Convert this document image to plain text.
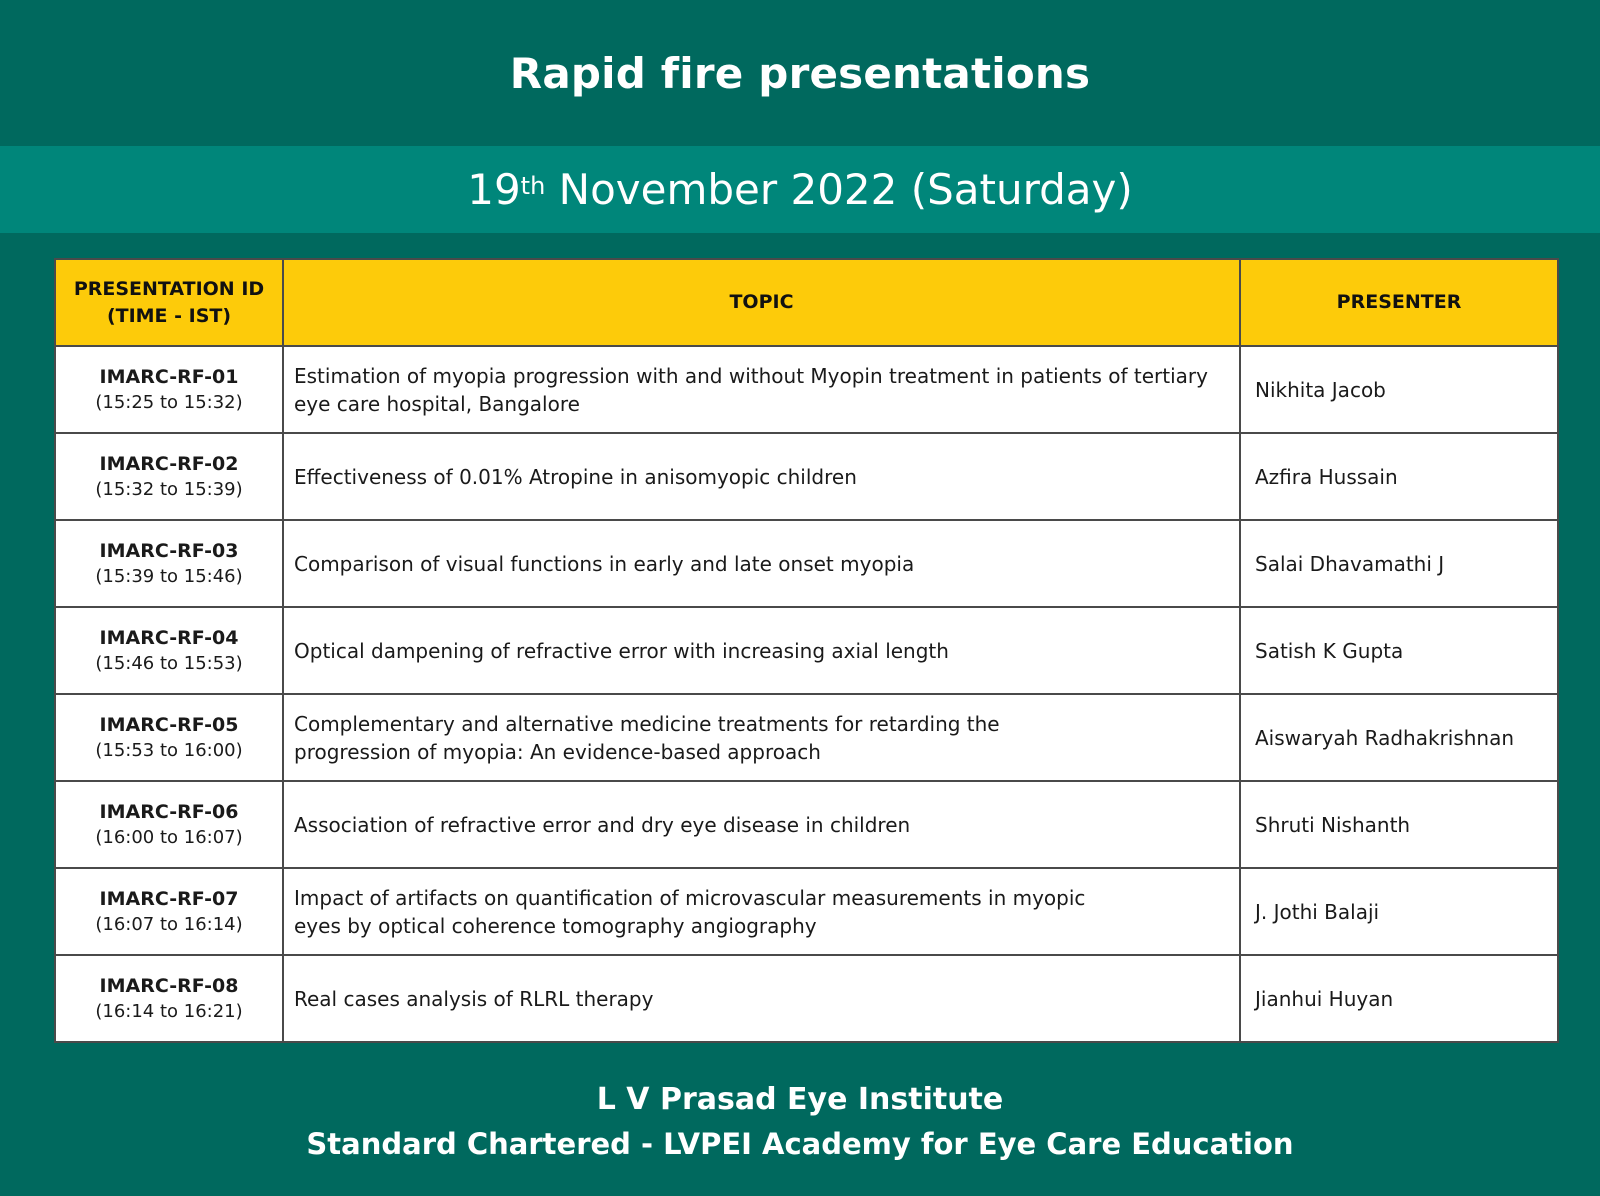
Rapid fire presentations
19th November 2022 (Saturday)
PRESENTATION ID
(TIME - IST)	TOPIC	PRESENTER

IMARC-RF-01
(15:25 to 15:32)	Estimation of myopia progression with and without Myopin treatment in patients of tertiary eye care hospital, Bangalore	Nikhita Jacob

IMARC-RF-02
(15:32 to 15:39)	Effectiveness of 0.01% Atropine in anisomyopic children	Azfira Hussain

IMARC-RF-03
(15:39 to 15:46)	Comparison of visual functions in early and late onset myopia	Salai Dhavamathi J

IMARC-RF-04
(15:46 to 15:53)	Optical dampening of refractive error with increasing axial length	Satish K Gupta

IMARC-RF-05
(15:53 to 16:00)	Complementary and alternative medicine treatments for retarding the progression of myopia: An evidence-based approach	Aiswaryah Radhakrishnan

IMARC-RF-06
(16:00 to 16:07)	Association of refractive error and dry eye disease in children	Shruti Nishanth

IMARC-RF-07
(16:07 to 16:14)	Impact of artifacts on quantification of microvascular measurements in myopic eyes by optical coherence tomography angiography	J. Jothi Balaji

IMARC-RF-08
(16:14 to 16:21)	Real cases analysis of RLRL therapy	Jianhui Huyan
L V Prasad Eye Institute
Standard Chartered - LVPEI Academy for Eye Care Education
